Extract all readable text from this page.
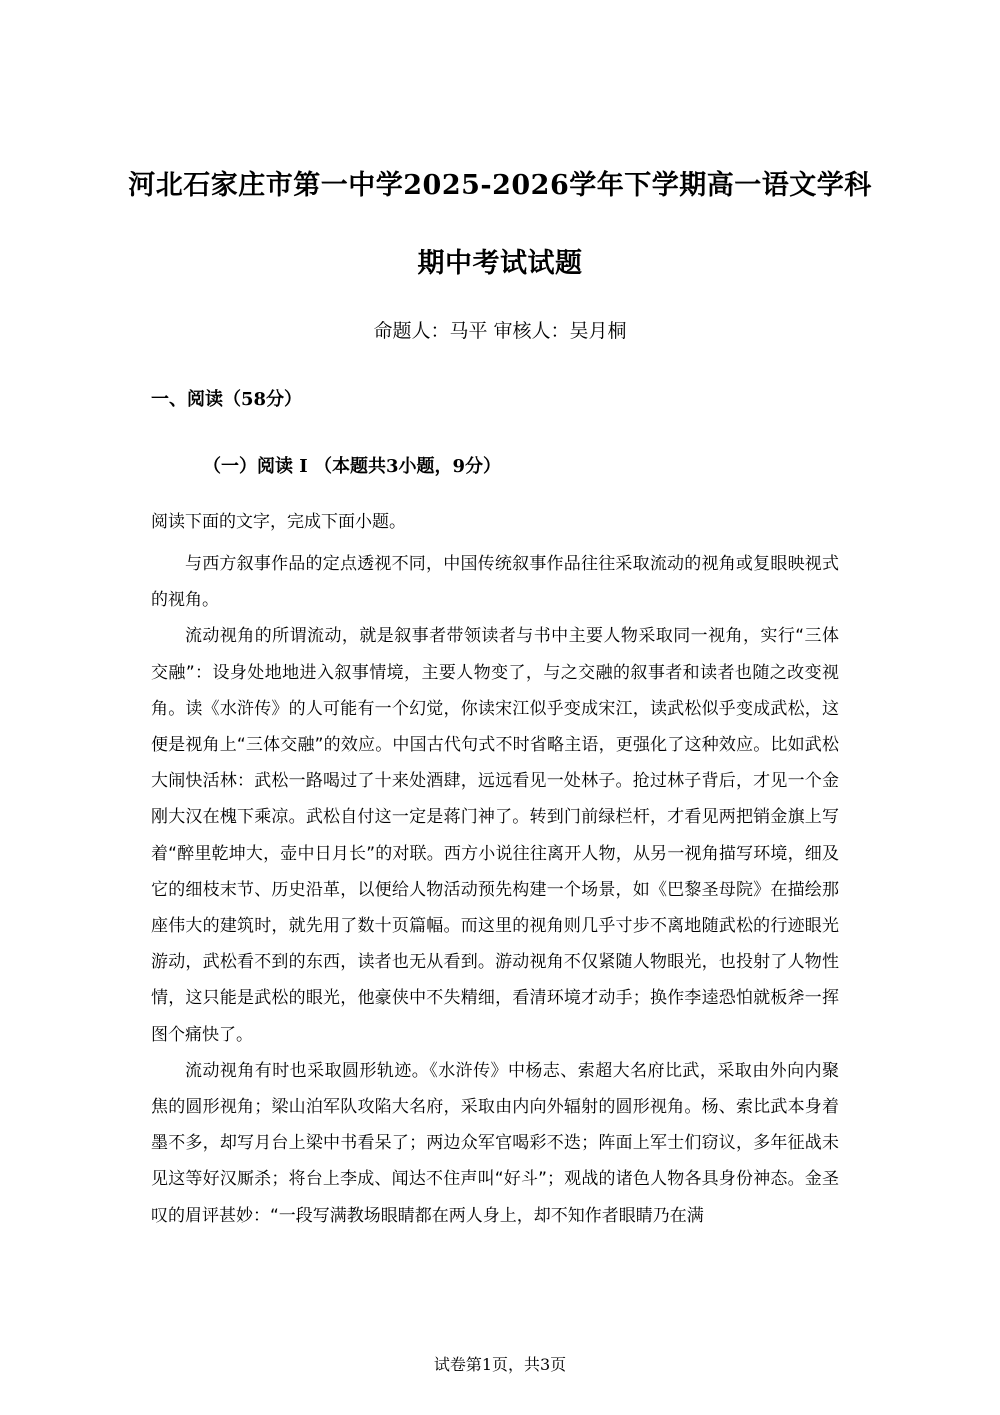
河北石家庄市第一中学2025-2026学年下学期高一语文学科
期中考试试题
命题人：马平 审核人：吴月桐
一、阅读（58分）
（一）阅读 I （本题共3小题，9分）
阅读下面的文字，完成下面小题。

与西方叙事作品的定点透视不同，中国传统叙事作品往往采取流动的视角或复眼映视式的视角。

流动视角的所谓流动，就是叙事者带领读者与书中主要人物采取同一视角，实行“三体交融”：设身处地地进入叙事情境，主要人物变了，与之交融的叙事者和读者也随之改变视角。读《水浒传》的人可能有一个幻觉，你读宋江似乎变成宋江，读武松似乎变成武松，这便是视角上“三体交融”的效应。中国古代句式不时省略主语，更强化了这种效应。比如武松大闹快活林：武松一路喝过了十来处酒肆，远远看见一处林子。抢过林子背后，才见一个金刚大汉在槐下乘凉。武松自付这一定是蒋门神了。转到门前绿栏杆，才看见两把销金旗上写着“醉里乾坤大，壶中日月长”的对联。西方小说往往离开人物，从另一视角描写环境，细及它的细枝末节、历史沿革，以便给人物活动预先构建一个场景，如《巴黎圣母院》在描绘那座伟大的建筑时，就先用了数十页篇幅。而这里的视角则几乎寸步不离地随武松的行迹眼光游动，武松看不到的东西，读者也无从看到。游动视角不仅紧随人物眼光，也投射了人物性情，这只能是武松的眼光，他豪侠中不失精细，看清环境才动手；换作李逵恐怕就板斧一挥图个痛快了。

流动视角有时也采取圆形轨迹。《水浒传》中杨志、索超大名府比武，采取由外向内聚焦的圆形视角；梁山泊军队攻陷大名府，采取由内向外辐射的圆形视角。杨、索比武本身着墨不多，却写月台上梁中书看呆了；两边众军官喝彩不迭；阵面上军士们窃议，多年征战未见这等好汉厮杀；将台上李成、闻达不住声叫“好斗”；观战的诸色人物各具身份神态。金圣叹的眉评甚妙：“一段写满教场眼睛都在两人身上，却不知作者眼睛乃在满

试卷第1页，共3页
